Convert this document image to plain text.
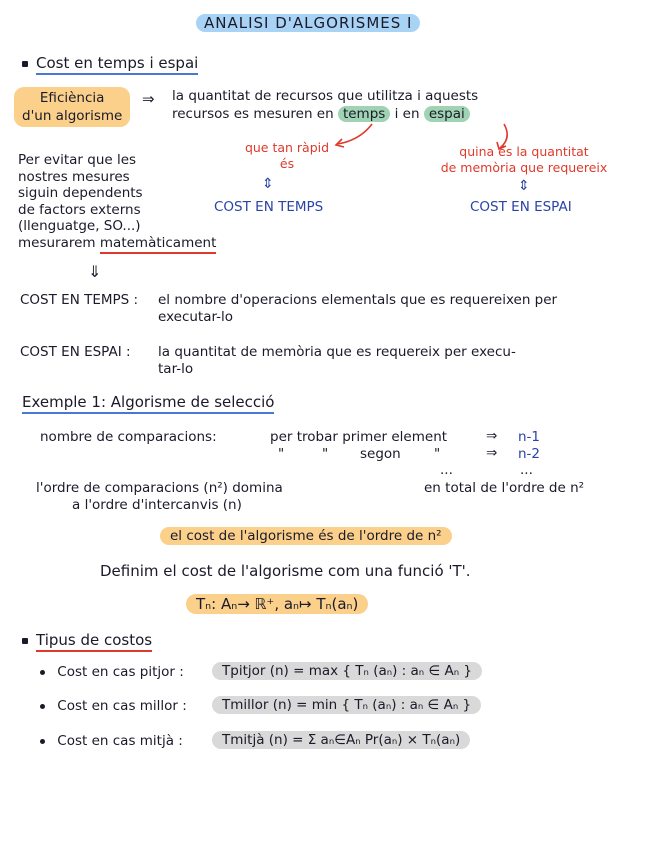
ANALISI D'ALGORISMES I
Cost en temps i espai
Eficiència
d'un algorisme
⇒ la quantitat de recursos que utilitza i aquests
recursos es mesuren en temps i en espai
que tan ràpid
és
quina és la quantitat
de memòria que requereix
⇕	⇕
COST EN TEMPS	COST EN ESPAI
Per evitar que les
nostres mesures
siguin dependents
de factors externs
(llenguatge, SO...)
mesurarem matemàticament
⇓
COST EN TEMPS : el nombre d'operacions elementals que es requereixen per
executar-lo
COST EN ESPAI : la quantitat de memòria que es requereix per execu-
tar-lo
Exemple 1: Algorisme de selecció
nombre de comparacions:	per trobar primer element	⇒ n-1
"	" segon "	⇒ n-2
...	...
l'ordre de comparacions (n²) domina
a l'ordre d'intercanvis (n)
en total de l'ordre de n²
el cost de l'algorisme és de l'ordre de n²
Definim el cost de l'algorisme com una funció 'T'.
Tₙ: Aₙ→ ℝ⁺, aₙ↦ Tₙ(aₙ)
Tipus de costos
Cost en cas pitjor :	Tpitjor (n) = max { Tₙ (aₙ) : aₙ ∈ Aₙ }
Cost en cas millor :	Tmillor (n) = min { Tₙ (aₙ) : aₙ ∈ Aₙ }
Cost en cas mitjà :	Tmitjà (n) = Σ aₙ∈Aₙ Pr(aₙ) × Tₙ(aₙ)
